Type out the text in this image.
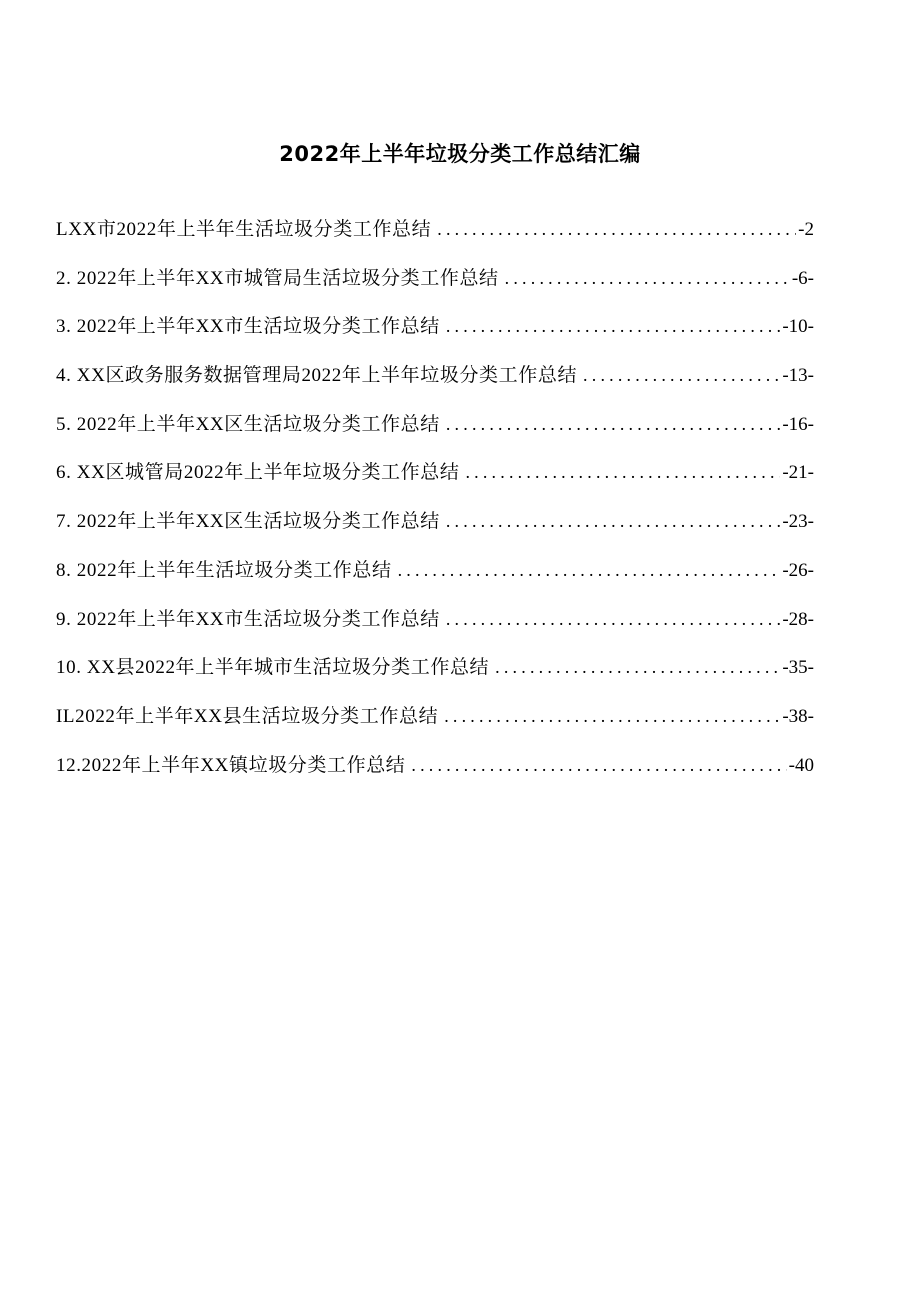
2022年上半年垃圾分类工作总结汇编
LXX市2022年上半年生活垃圾分类工作总结 .....	-2
2. 2022年上半年XX市城管局生活垃圾分类工作总结 .....	-6-
3. 2022年上半年XX市生活垃圾分类工作总结 .....	-10-
4. XX区政务服务数据管理局2022年上半年垃圾分类工作总结 .....	-13-
5. 2022年上半年XX区生活垃圾分类工作总结 .....	-16-
6. XX区城管局2022年上半年垃圾分类工作总结 .....	-21-
7. 2022年上半年XX区生活垃圾分类工作总结 .....	-23-
8. 2022年上半年生活垃圾分类工作总结 .....	-26-
9. 2022年上半年XX市生活垃圾分类工作总结 .....	-28-
10. XX县2022年上半年城市生活垃圾分类工作总结 .....	-35-
IL2022年上半年XX县生活垃圾分类工作总结 .....	-38-
12.2022年上半年XX镇垃圾分类工作总结 .....	-40
